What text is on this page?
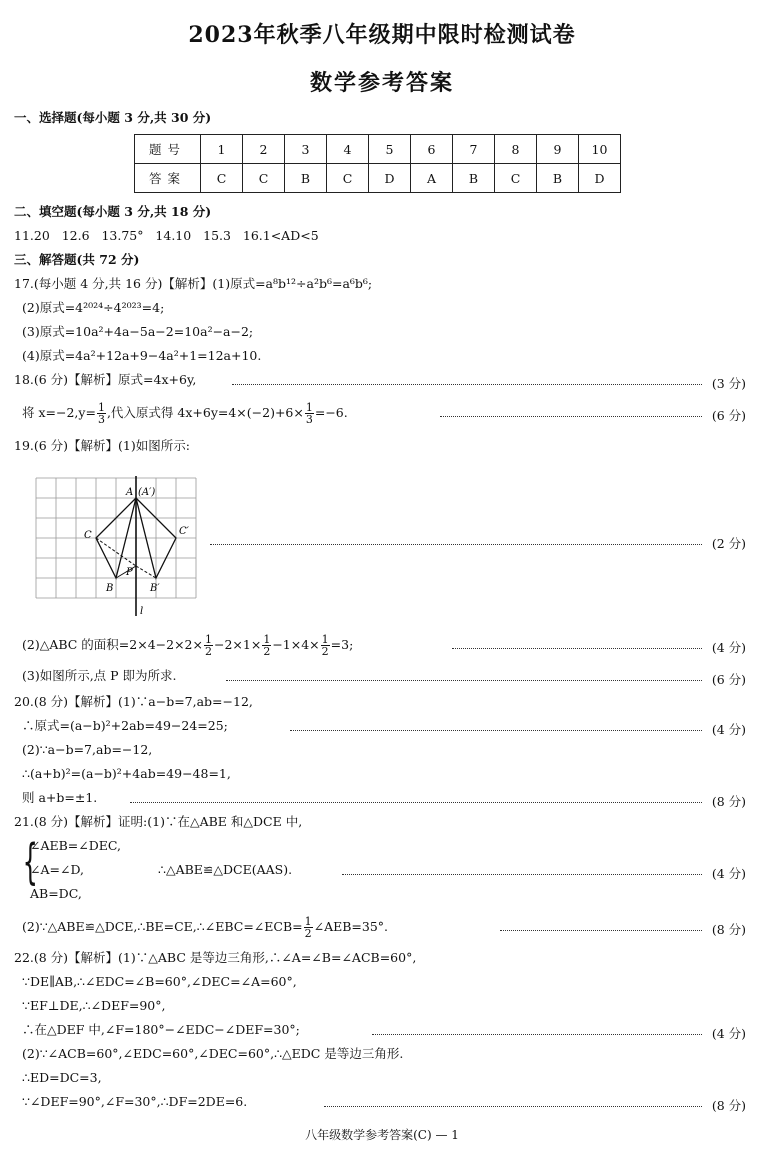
2023年秋季八年级期中限时检测试卷
数学参考答案
一、选择题(每小题 3 分,共 30 分)
题号	1	2	3	4	5	6	7	8	9	10
答案	C	C	B	C	D	A	B	C	B	D
二、填空题(每小题 3 分,共 18 分)
11.20   12.6   13.75°   14.10   15.3   16.1<AD<5
三、解答题(共 72 分)
17.(每小题 4 分,共 16 分)【解析】(1)原式=a⁸b¹²÷a²b⁶=a⁶b⁶;
(2)原式=4²⁰²⁴÷4²⁰²³=4;
(3)原式=10a²+4a−5a−2=10a²−a−2;
(4)原式=4a²+12a+9−4a²+1=12a+10.
18.(6 分)【解析】原式=4x+6y,	(3 分)
将 $x=-2,y= \frac{1}{3}$ ,代入原式得 $4x+6y=4\times(-2)+6\times \frac{1}{3} =-6$.	(6 分)
19.(6 分)【解析】(1)如图所示:
A (A′)
C	C′
B	B′
P
l
(2 分)
(2)△ABC 的面积$=2\times 4-2\times 2\times \frac{1}{2} -2\times 1\times \frac{1}{2} -1\times 4\times \frac{1}{2} =3$;	(4 分)
(3)如图所示,点 P 即为所求.	(6 分)
20.(8 分)【解析】(1)∵a−b=7,ab=−12,
∴原式=(a−b)²+2ab=49−24=25;	(4 分)
(2)∵a−b=7,ab=−12,
∴(a+b)²=(a−b)²+4ab=49−48=1,
则 a+b=±1.	(8 分)
21.(8 分)【解析】证明:(1)∵在△ABE 和△DCE 中,
{
∠AEB=∠DEC,
∠A=∠D,	∴△ABE≌△DCE(AAS).
AB=DC,
(4 分)
(2)∵△ABE≌△DCE,∴BE=CE,∴∠EBC=∠ECB= $\frac{1}{2}$ ∠AEB=35°.	(8 分)
22.(8 分)【解析】(1)∵△ABC 是等边三角形,∴∠A=∠B=∠ACB=60°,
∵DE∥AB,∴∠EDC=∠B=60°,∠DEC=∠A=60°,
∵EF⊥DE,∴∠DEF=90°,
∴在△DEF 中,∠F=180°−∠EDC−∠DEF=30°;	(4 分)
(2)∵∠ACB=60°,∠EDC=60°,∠DEC=60°,∴△EDC 是等边三角形.
∴ED=DC=3,
∵∠DEF=90°,∠F=30°,∴DF=2DE=6.	(8 分)
八年级数学参考答案(C) — 1
